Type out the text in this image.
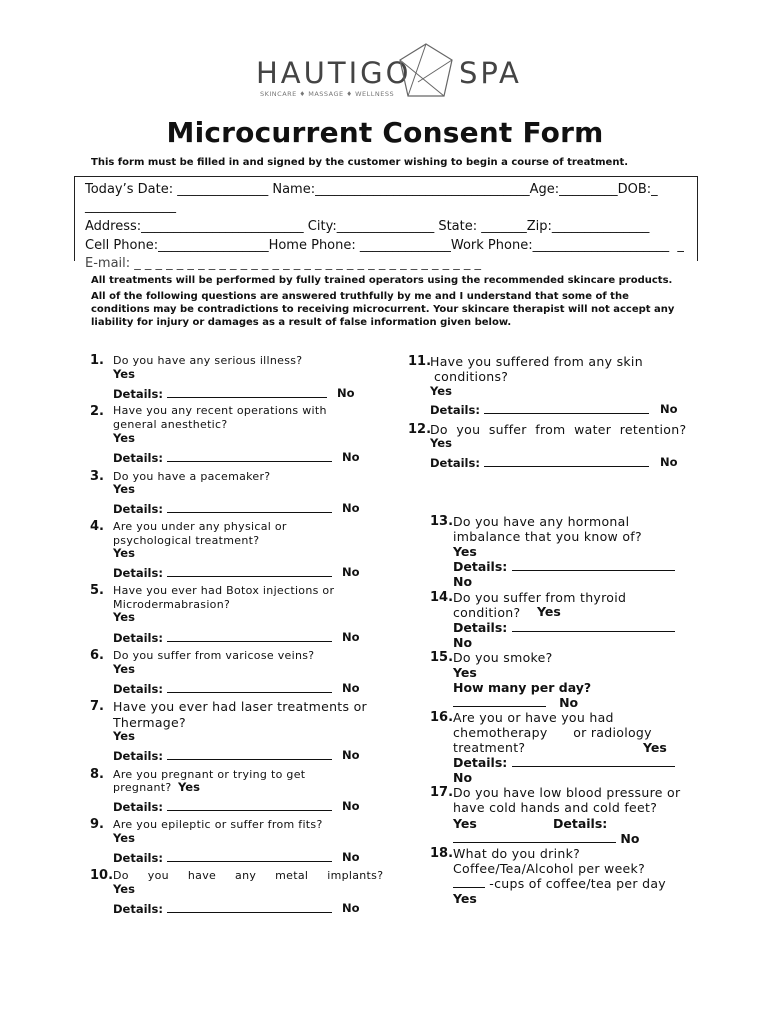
HAUTIGO SPA
SKINCARE ♦ MASSAGE ♦ WELLNESS
Microcurrent Consent Form
This form must be filled in and signed by the customer wishing to begin a course of treatment.
Today’s Date: ______________ Name:_________________________________Age:_________DOB:_
______________
Address:_________________________ City:_______________ State: _______Zip:_______________
Cell Phone:_________________Home Phone: ______________Work Phone:_____________________  _
E‑mail: _ _ _ _ _ _ _ _ _ _ _ _ _ _ _ _ _ _ _ _ _ _ _ _ _ _ _ _ _ _ _ _ _
All treatments will be performed by fully trained operators using the recommended skincare products.
All of the following questions are answered truthfully by me and I understand that some of the
conditions may be contradictions to receiving microcurrent. Your skincare therapist will not accept any
liability for injury or damages as a result of false information given below.
1. Do you have any serious illness?
Yes
Details:	No
2. Have you any recent operations with
general anesthetic?
Yes
Details:	No
3. Do you have a pacemaker?
Yes
Details:	No
4. Are you under any physical or
psychological treatment?
Yes
Details:	No
5. Have you ever had Botox injections or
Microdermabrasion?
Yes
Details:	No
6. Do you suffer from varicose veins?
Yes
Details:	No
7. Have you ever had laser treatments or
Thermage?
Yes
Details:	No
8. Are you pregnant or trying to get
pregnant? Yes
Details:	No
9. Are you epileptic or suffer from fits?
Yes
Details:	No
10. Do     you     have     any     metal     implants?
Yes
Details:	No
11.
Have you suffered from any skin
conditions?
Yes
Details:	No
12.
Do  you  suffer  from  water  retention?
Yes
Details:	No
13. Do you have any hormonal
imbalance that you know of?
Yes
Details:
No
14. Do you suffer from thyroid
condition? Yes
Details:
No
15. Do you smoke?
Yes
How many per day?
No
16. Are you or have you had
chemotherapy      or radiology
treatment?	Yes
Details:
No
17. Do you have low blood pressure or
have cold hands and cold feet?
Yes	Details:
No
18. What do you drink?
Coffee/Tea/Alcohol per week?
-cups of coffee/tea per day
Yes
